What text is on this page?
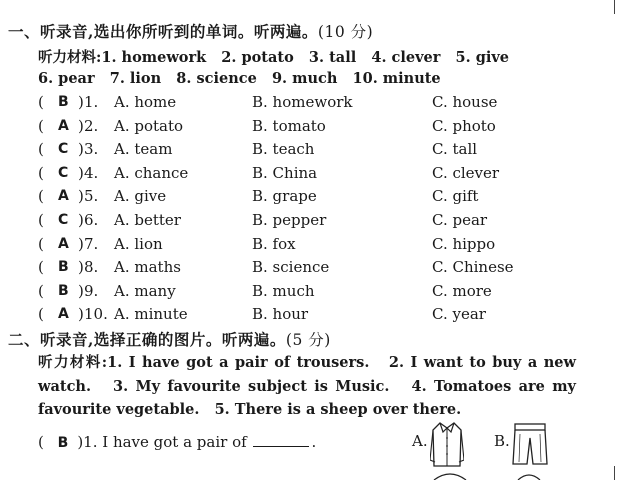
一、听录音,选出你所听到的单词。听两遍。(10 分)
听力材料:1. homework   2. potato   3. tall   4. clever   5. give
6. pear   7. lion   8. science   9. much   10. minute
( B ) 1. A. home	B. homework	C. house
( A ) 2. A. potato	B. tomato	C. photo
( C ) 3. A. team	B. teach	C. tall
( C ) 4. A. chance	B. China	C. clever
( A ) 5. A. give	B. grape	C. gift
( C ) 6. A. better	B. pepper	C. pear
( A ) 7. A. lion	B. fox	C. hippo
( B ) 8. A. maths	B. science	C. Chinese
( B ) 9. A. many	B. much	C. more
( A ) 10. A. minute	B. hour	C. year
二、听录音,选择正确的图片。听两遍。(5 分)
听力材料:1. I have got a pair of trousers.   2. I want to buy a new watch.   3. My favourite subject is Music.   4. Tomatoes are my favourite vegetable.   5. There is a sheep over there.
( B )1. I have got a pair of	.	A.	B.
